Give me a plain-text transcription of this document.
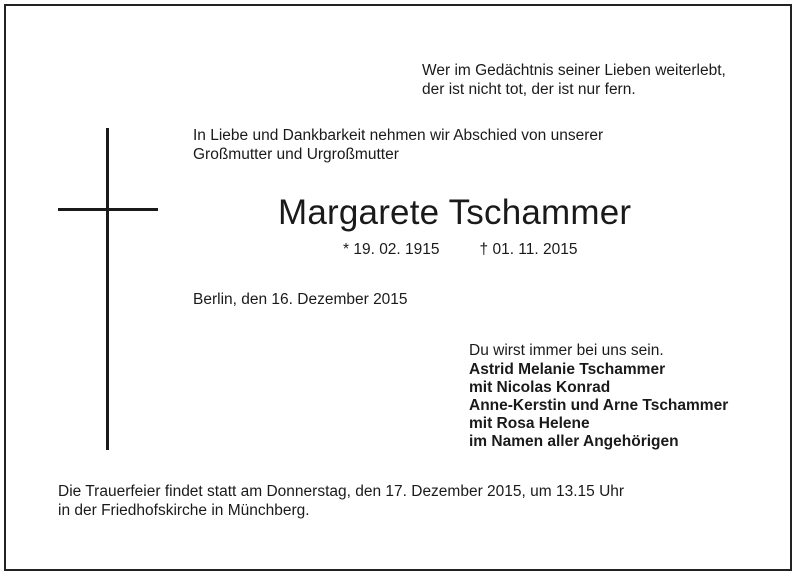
Wer im Gedächtnis seiner Lieben weiterlebt,
der ist nicht tot, der ist nur fern.
In Liebe und Dankbarkeit nehmen wir Abschied von unserer
Großmutter und Urgroßmutter
Margarete Tschammer
* 19. 02. 1915	† 01. 11. 2015
Berlin, den 16. Dezember 2015
Du wirst immer bei uns sein.
Astrid Melanie Tschammer
mit Nicolas Konrad
Anne-Kerstin und Arne Tschammer
mit Rosa Helene
im Namen aller Angehörigen
Die Trauerfeier findet statt am Donnerstag, den 17. Dezember 2015, um 13.15 Uhr
in der Friedhofskirche in Münchberg.
